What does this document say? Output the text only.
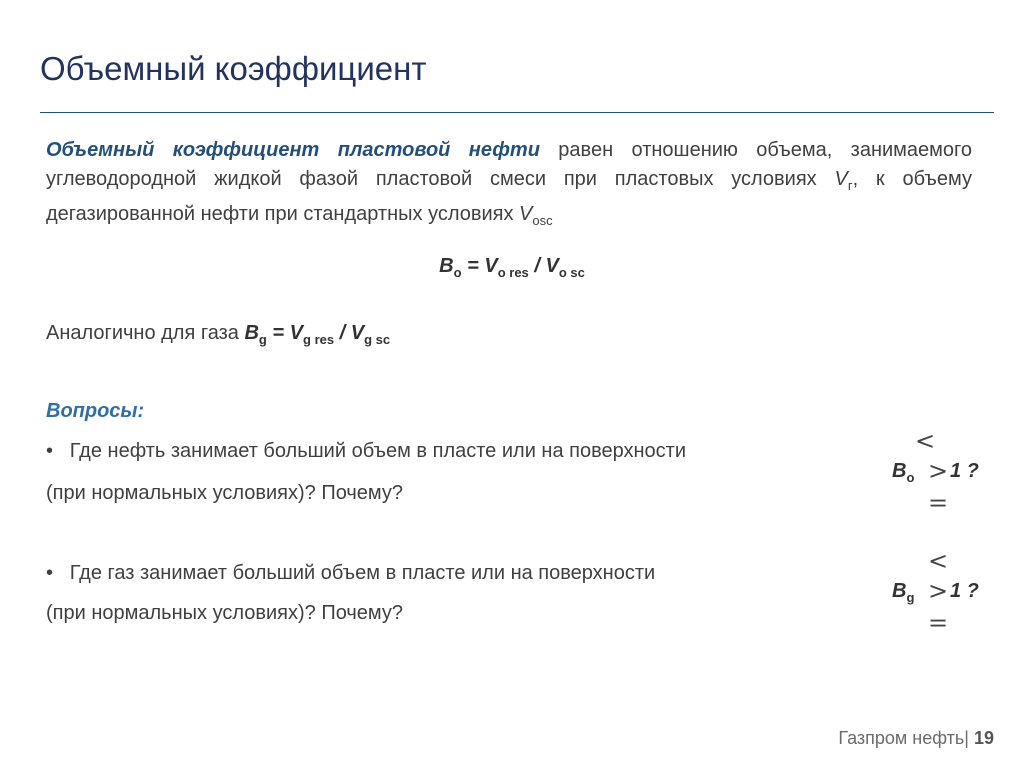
Объемный коэффициент
Объемный коэффициент пластовой нефти равен отношению объема, занимаемого углеводородной жидкой фазой пластовой смеси при пластовых условиях $V_г$, к объему дегазированной нефти при стандартных условиях $V_{osc}$
$B_o = V_{o res} / V_{o sc}$
Аналогично для газа $B_g = V_{g res} / V_{g sc}$
Вопросы:
• Где нефть занимает больший объем в пласте или на поверхности
(при нормальных условиях)? Почему?
<
$B_o > 1$ ?
=
• Где газ занимает больший объем в пласте или на поверхности
(при нормальных условиях)? Почему?
<
$B_g > 1$ ?
=
Газпром нефть| 19
